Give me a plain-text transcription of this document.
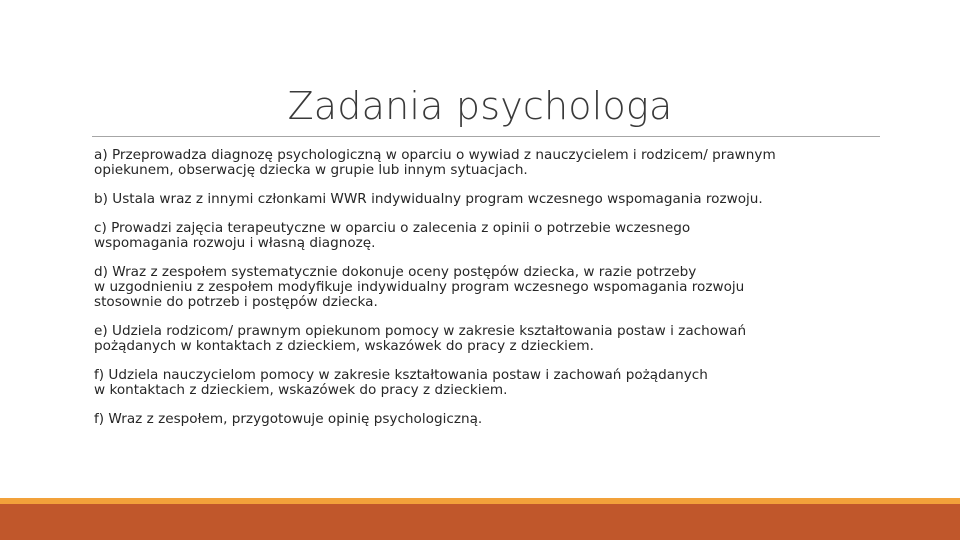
Zadania psychologa
a) Przeprowadza diagnozę psychologiczną w oparciu o wywiad z nauczycielem i rodzicem/ prawnym
opiekunem, obserwację dziecka w grupie lub innym sytuacjach.
b) Ustala wraz z innymi członkami WWR indywidualny program wczesnego wspomagania rozwoju.
c) Prowadzi zajęcia terapeutyczne w oparciu o zalecenia z opinii o potrzebie wczesnego
wspomagania rozwoju i własną diagnozę.
d) Wraz z zespołem systematycznie dokonuje oceny postępów dziecka, w razie potrzeby
w uzgodnieniu z zespołem modyfikuje indywidualny program wczesnego wspomagania rozwoju
stosownie do potrzeb i postępów dziecka.
e) Udziela rodzicom/ prawnym opiekunom pomocy w zakresie kształtowania postaw i zachowań
pożądanych w kontaktach z dzieckiem, wskazówek do pracy z dzieckiem.
f) Udziela nauczycielom pomocy w zakresie kształtowania postaw i zachowań pożądanych
w kontaktach z dzieckiem, wskazówek do pracy z dzieckiem.
f) Wraz z zespołem, przygotowuje opinię psychologiczną.
